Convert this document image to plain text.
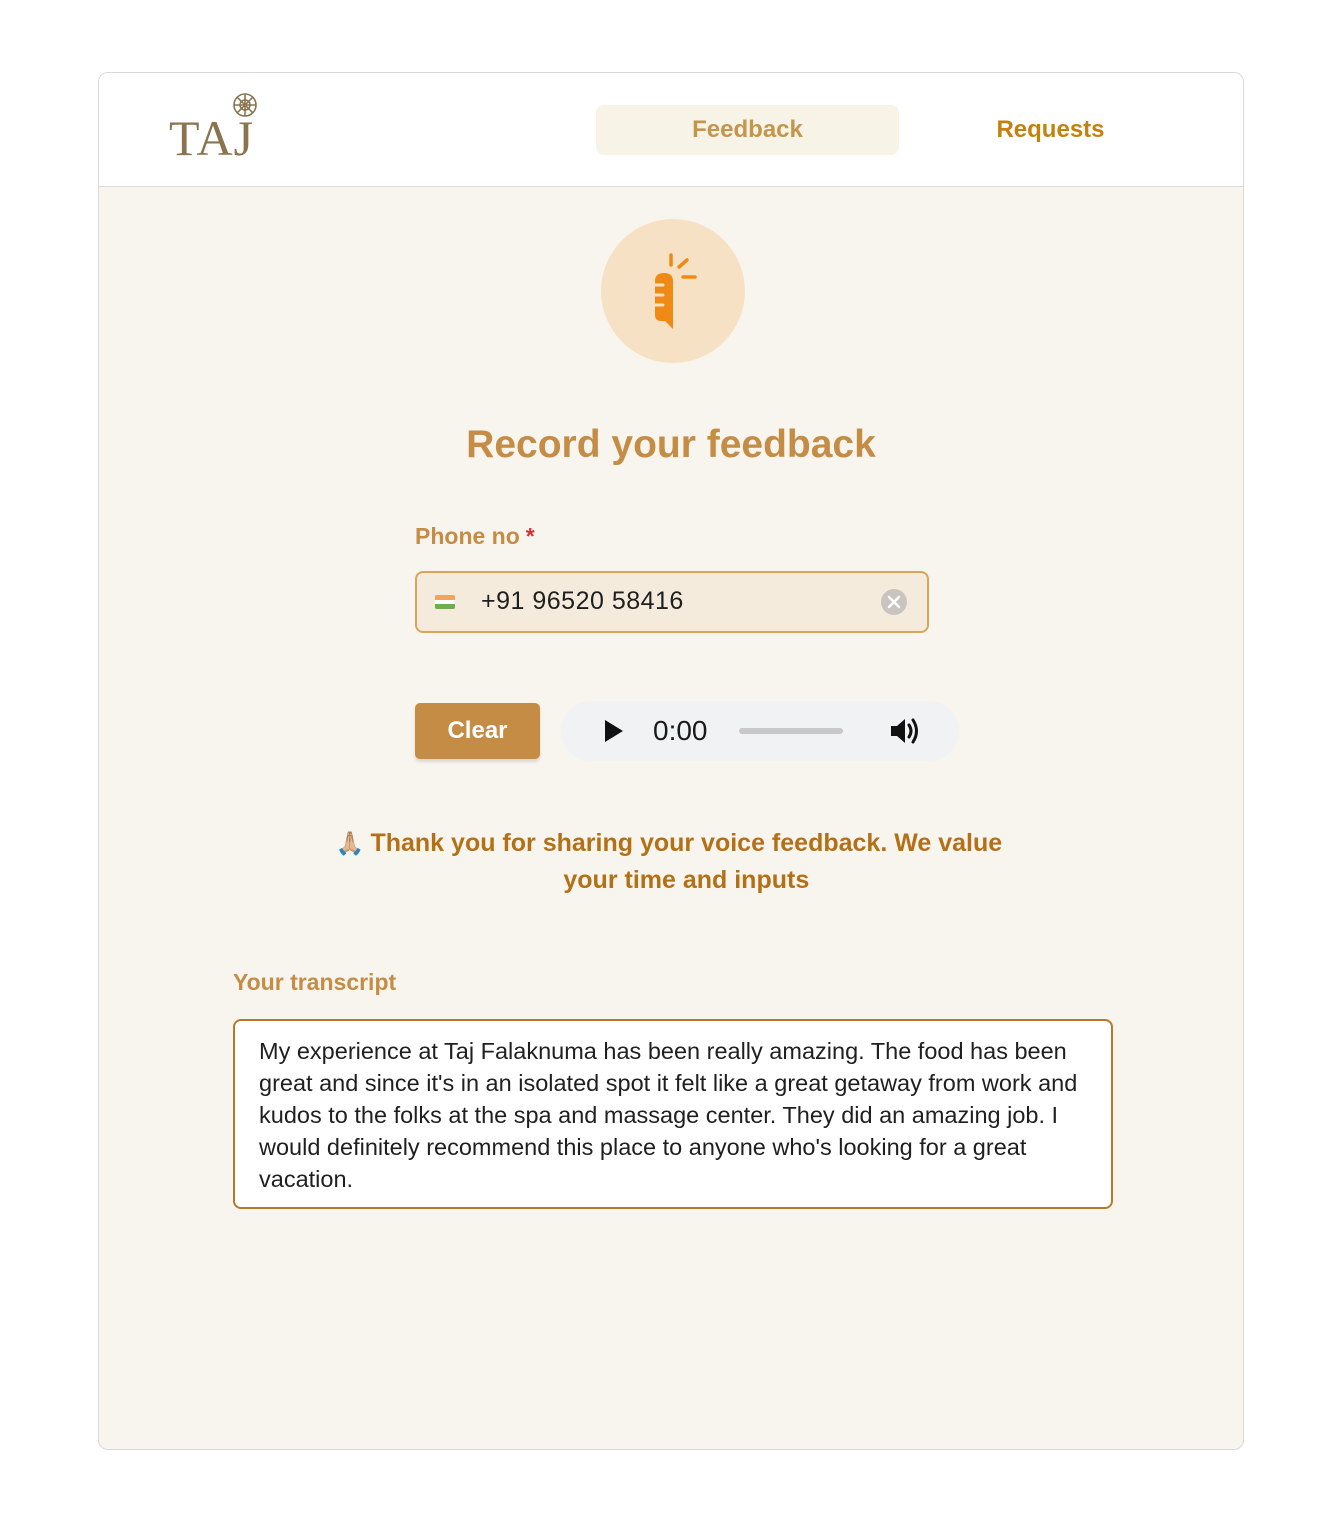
TAJ	Feedback	Requests
Record your feedback
Phone no *
+91 96520 58416
Clear	0:00
🙏🏼 Thank you for sharing your voice feedback. We value your time and inputs
Your transcript
My experience at Taj Falaknuma has been really amazing. The food has been great and since it's in an isolated spot it felt like a great getaway from work and kudos to the folks at the spa and massage center. They did an amazing job. I would definitely recommend this place to anyone who's looking for a great vacation.
